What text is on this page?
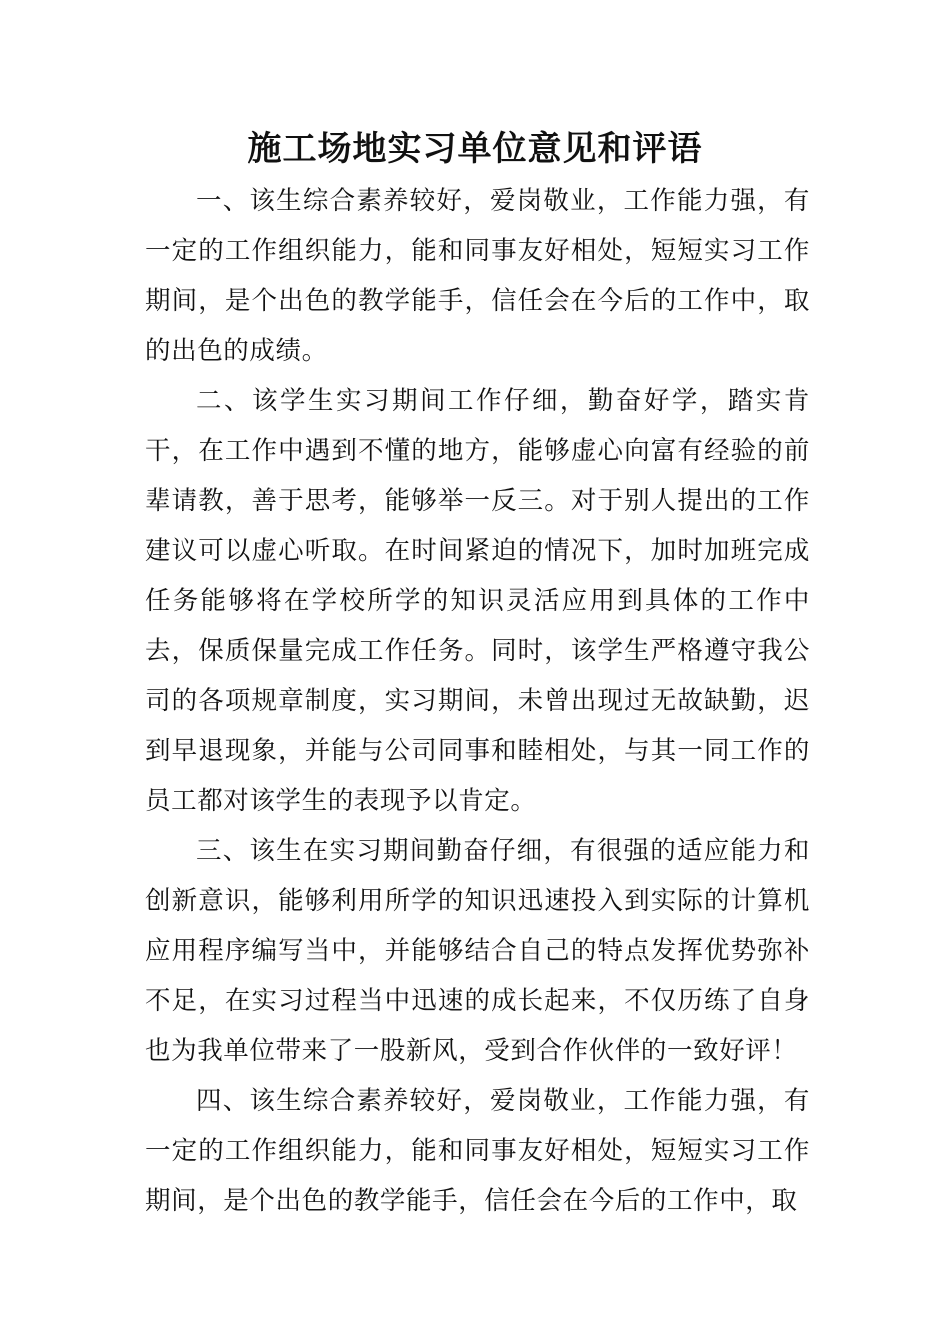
施工场地实习单位意见和评语

一、该生综合素养较好，爱岗敬业，工作能力强，有一定的工作组织能力，能和同事友好相处，短短实习工作期间，是个出色的教学能手，信任会在今后的工作中，取的出色的成绩。

二、该学生实习期间工作仔细，勤奋好学，踏实肯干，在工作中遇到不懂的地方，能够虚心向富有经验的前辈请教，善于思考，能够举一反三。对于别人提出的工作建议可以虚心听取。在时间紧迫的情况下，加时加班完成任务能够将在学校所学的知识灵活应用到具体的工作中去，保质保量完成工作任务。同时，该学生严格遵守我公司的各项规章制度，实习期间，未曾出现过无故缺勤，迟到早退现象，并能与公司同事和睦相处，与其一同工作的员工都对该学生的表现予以肯定。

三、该生在实习期间勤奋仔细，有很强的适应能力和创新意识，能够利用所学的知识迅速投入到实际的计算机应用程序编写当中，并能够结合自己的特点发挥优势弥补不足，在实习过程当中迅速的成长起来，不仅历练了自身也为我单位带来了一股新风，受到合作伙伴的一致好评！

四、该生综合素养较好，爱岗敬业，工作能力强，有一定的工作组织能力，能和同事友好相处，短短实习工作期间，是个出色的教学能手，信任会在今后的工作中，取
